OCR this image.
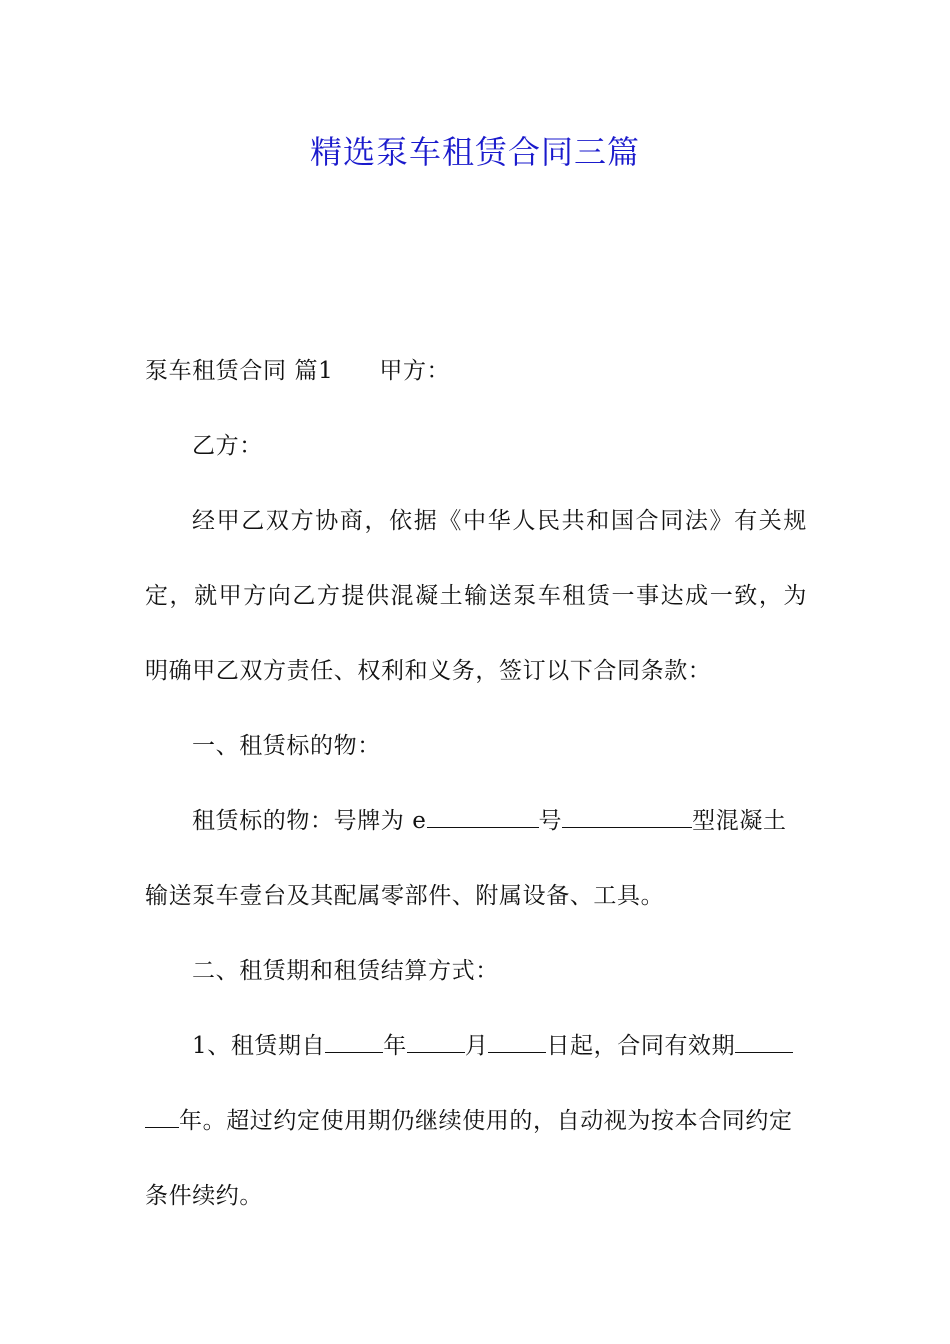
精选泵车租赁合同三篇

泵车租赁合同 篇1 甲方：

乙方：

经甲乙双方协商，依据《中华人民共和国合同法》有关规

定，就甲方向乙方提供混凝土输送泵车租赁一事达成一致，为

明确甲乙双方责任、权利和义务，签订以下合同条款：

一、租赁标的物：

租赁标的物：号牌为 e	号	型混凝土

输送泵车壹台及其配属零部件、附属设备、工具。

二、租赁期和租赁结算方式：

1、租赁期自	年	月	日起，合同有效期

年。超过约定使用期仍继续使用的，自动视为按本合同约定

条件续约。
